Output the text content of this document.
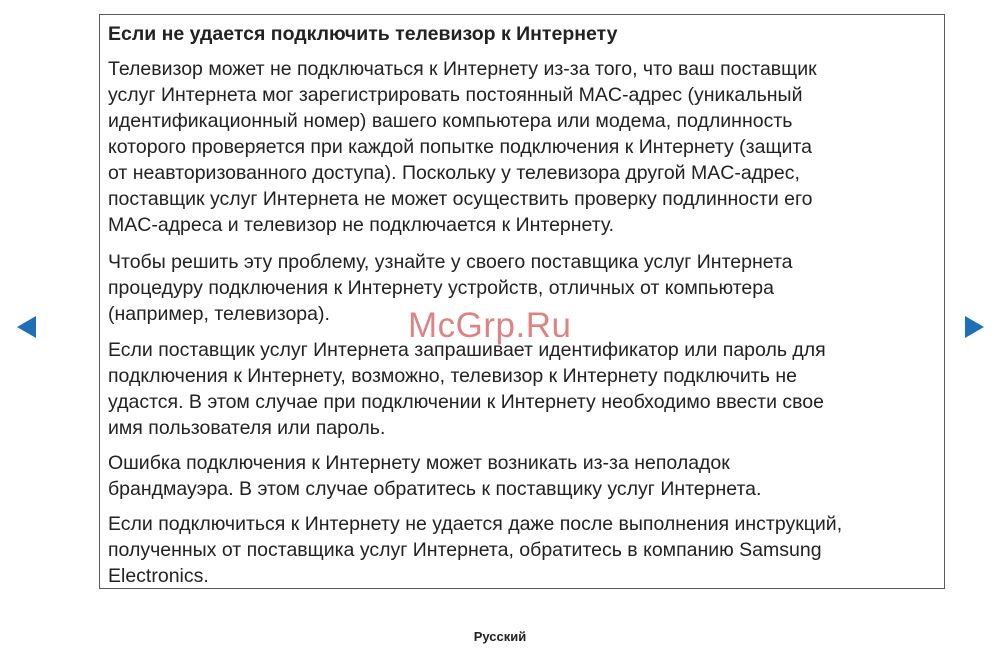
Если не удается подключить телевизор к Интернету

Телевизор может не подключаться к Интернету из-за того, что ваш поставщик
услуг Интернета мог зарегистрировать постоянный MAC-адрес (уникальный
идентификационный номер) вашего компьютера или модема, подлинность
которого проверяется при каждой попытке подключения к Интернету (защита
от неавторизованного доступа). Поскольку у телевизора другой MAC-адрес,
поставщик услуг Интернета не может осуществить проверку подлинности его
MAC-адреса и телевизор не подключается к Интернету.

Чтобы решить эту проблему, узнайте у своего поставщика услуг Интернета
процедуру подключения к Интернету устройств, отличных от компьютера
(например, телевизора).

Если поставщик услуг Интернета запрашивает идентификатор или пароль для
подключения к Интернету, возможно, телевизор к Интернету подключить не
удастся. В этом случае при подключении к Интернету необходимо ввести свое
имя пользователя или пароль.

Ошибка подключения к Интернету может возникать из-за неполадок
брандмауэра. В этом случае обратитесь к поставщику услуг Интернета.

Если подключиться к Интернету не удается даже после выполнения инструкций,
полученных от поставщика услуг Интернета, обратитесь в компанию Samsung
Electronics.

McGrp.Ru
Русский
